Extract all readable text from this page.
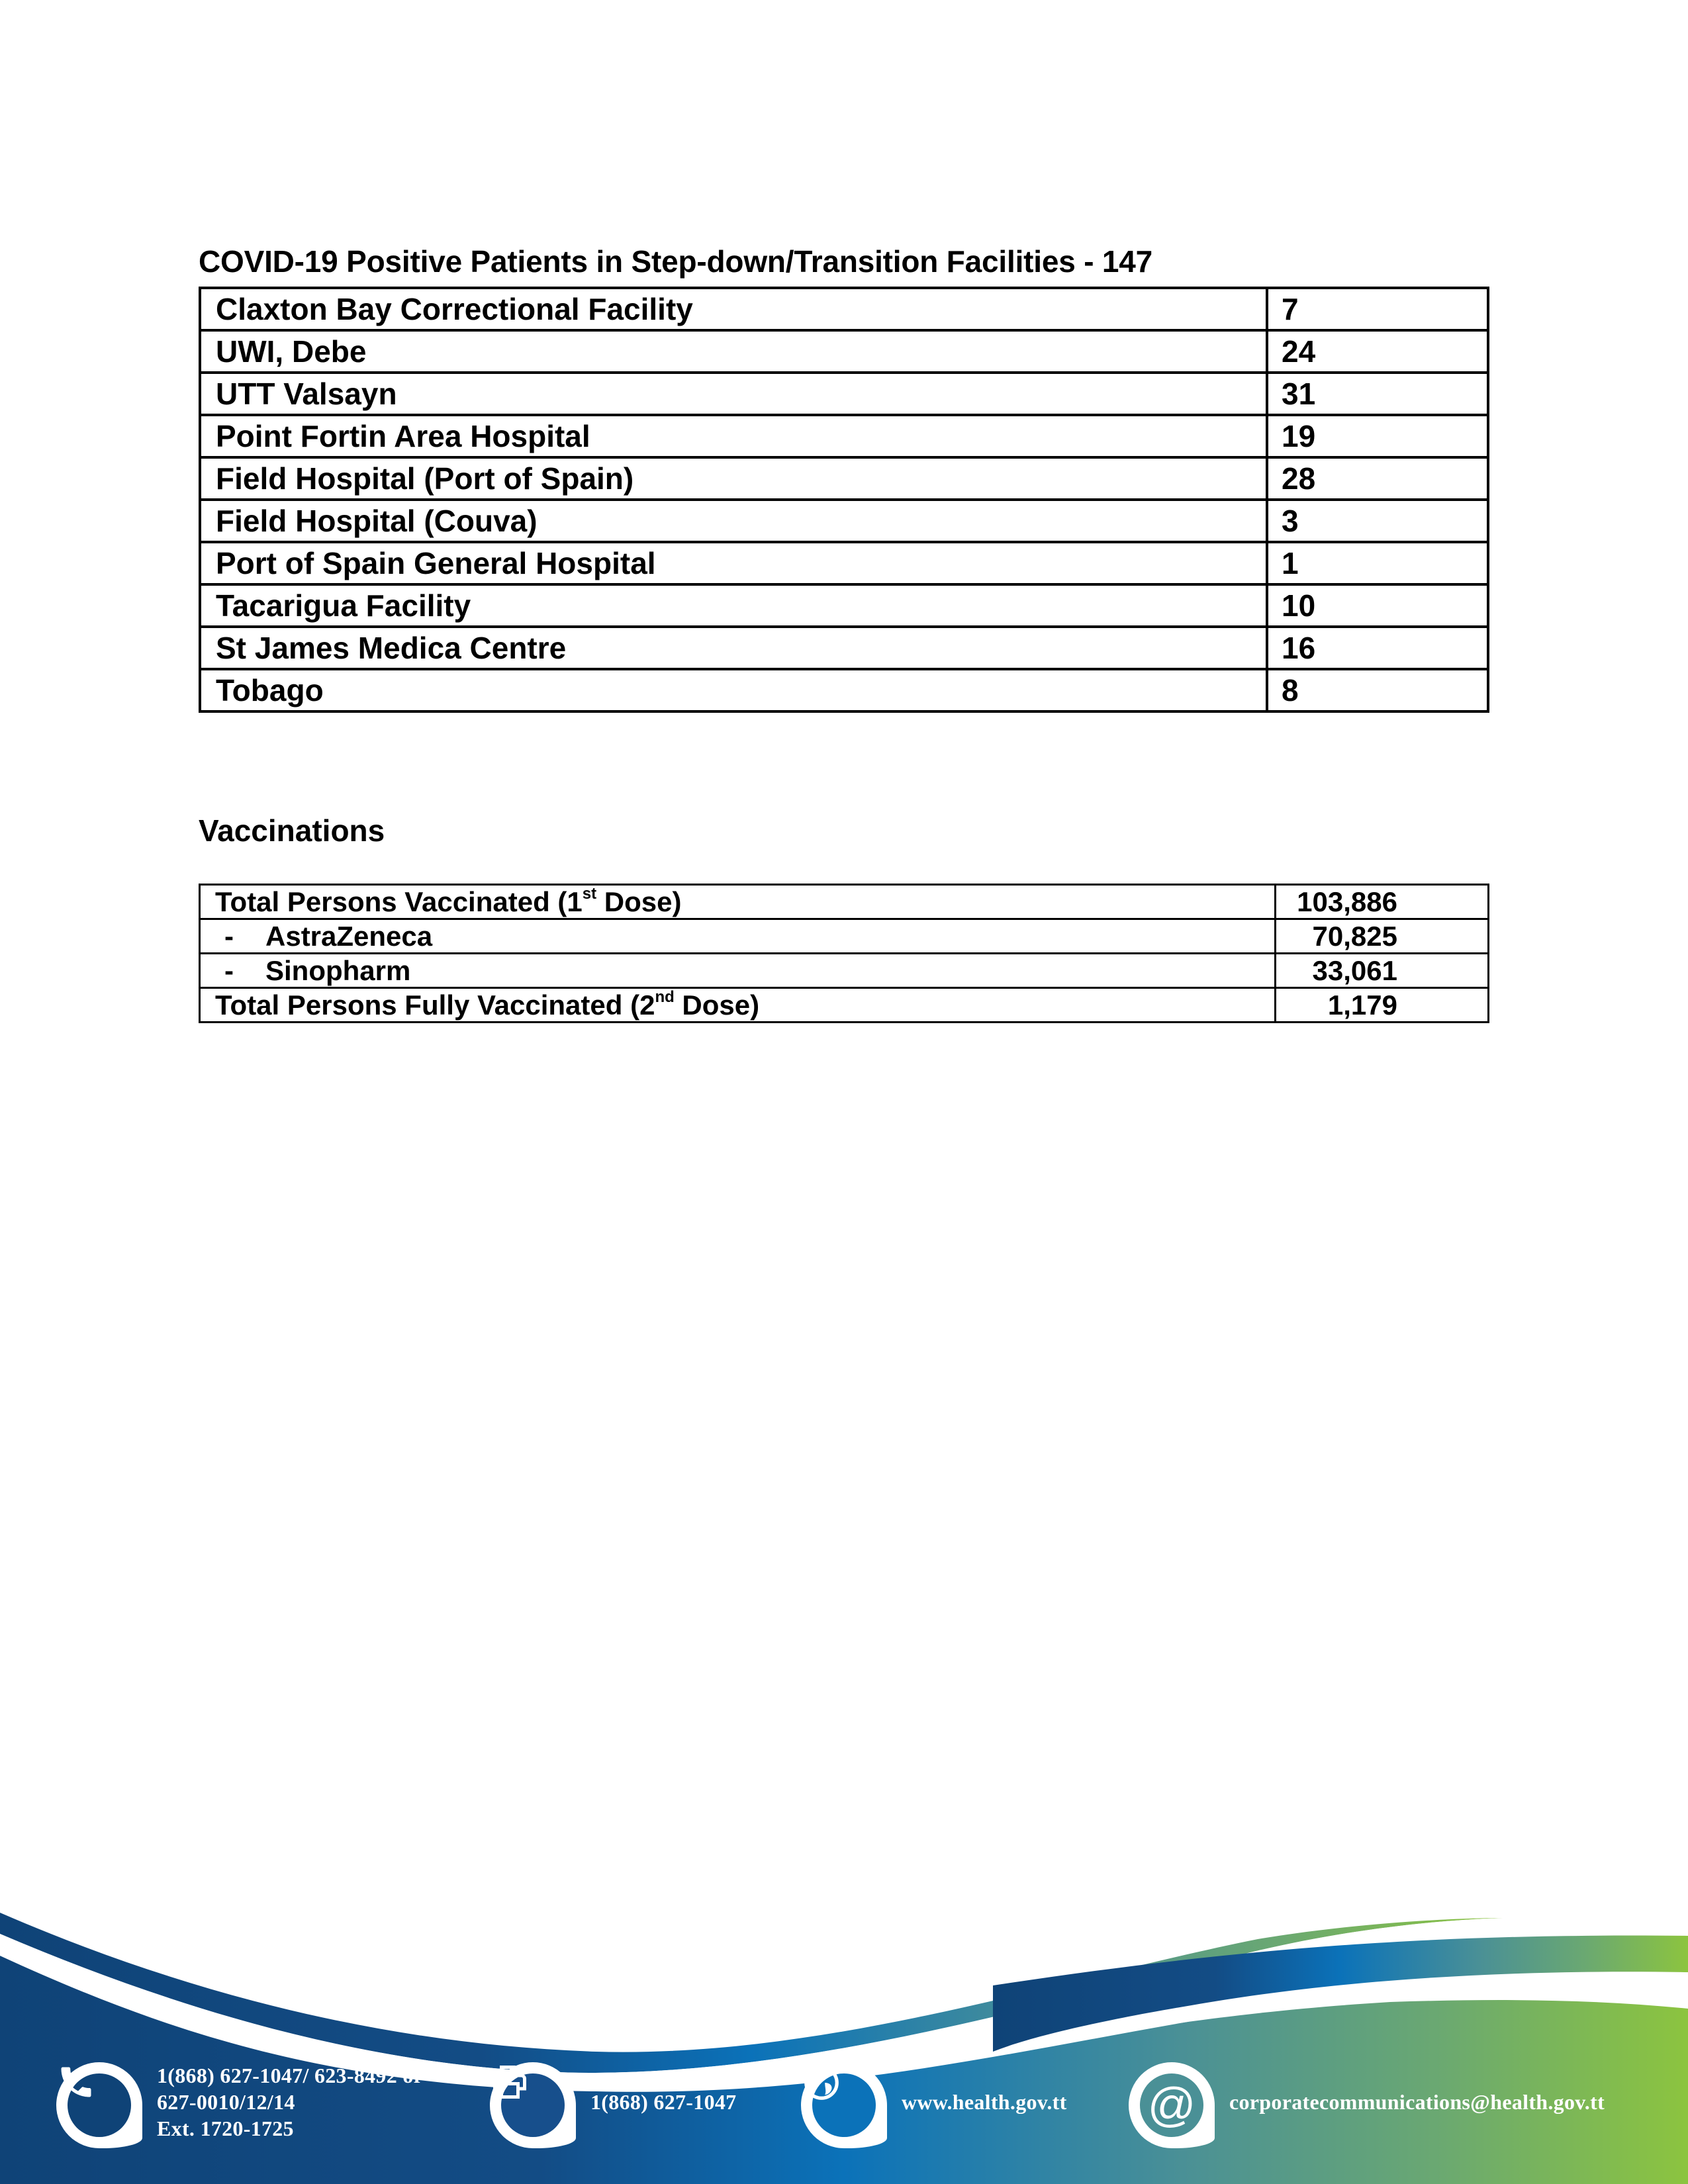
COVID-19 Positive Patients in Step-down/Transition Facilities - 147
Claxton Bay Correctional Facility	7
UWI, Debe	24
UTT Valsayn	31
Point Fortin Area Hospital	19
Field Hospital (Port of Spain)	28
Field Hospital (Couva)	3
Port of Spain General Hospital	1
Tacarigua Facility	10
St James Medica Centre	16
Tobago	8
Vaccinations
Total Persons Vaccinated (1st Dose)	103,886
- AstraZeneca	70,825
- Sinopharm	33,061
Total Persons Fully Vaccinated (2nd Dose)	1,179
1(868) 627-1047/ 623-8492 or
627-0010/12/14
Ext. 1720-1725
1(868) 627-1047	www.health.gov.tt @ corporatecommunications@health.gov.tt
